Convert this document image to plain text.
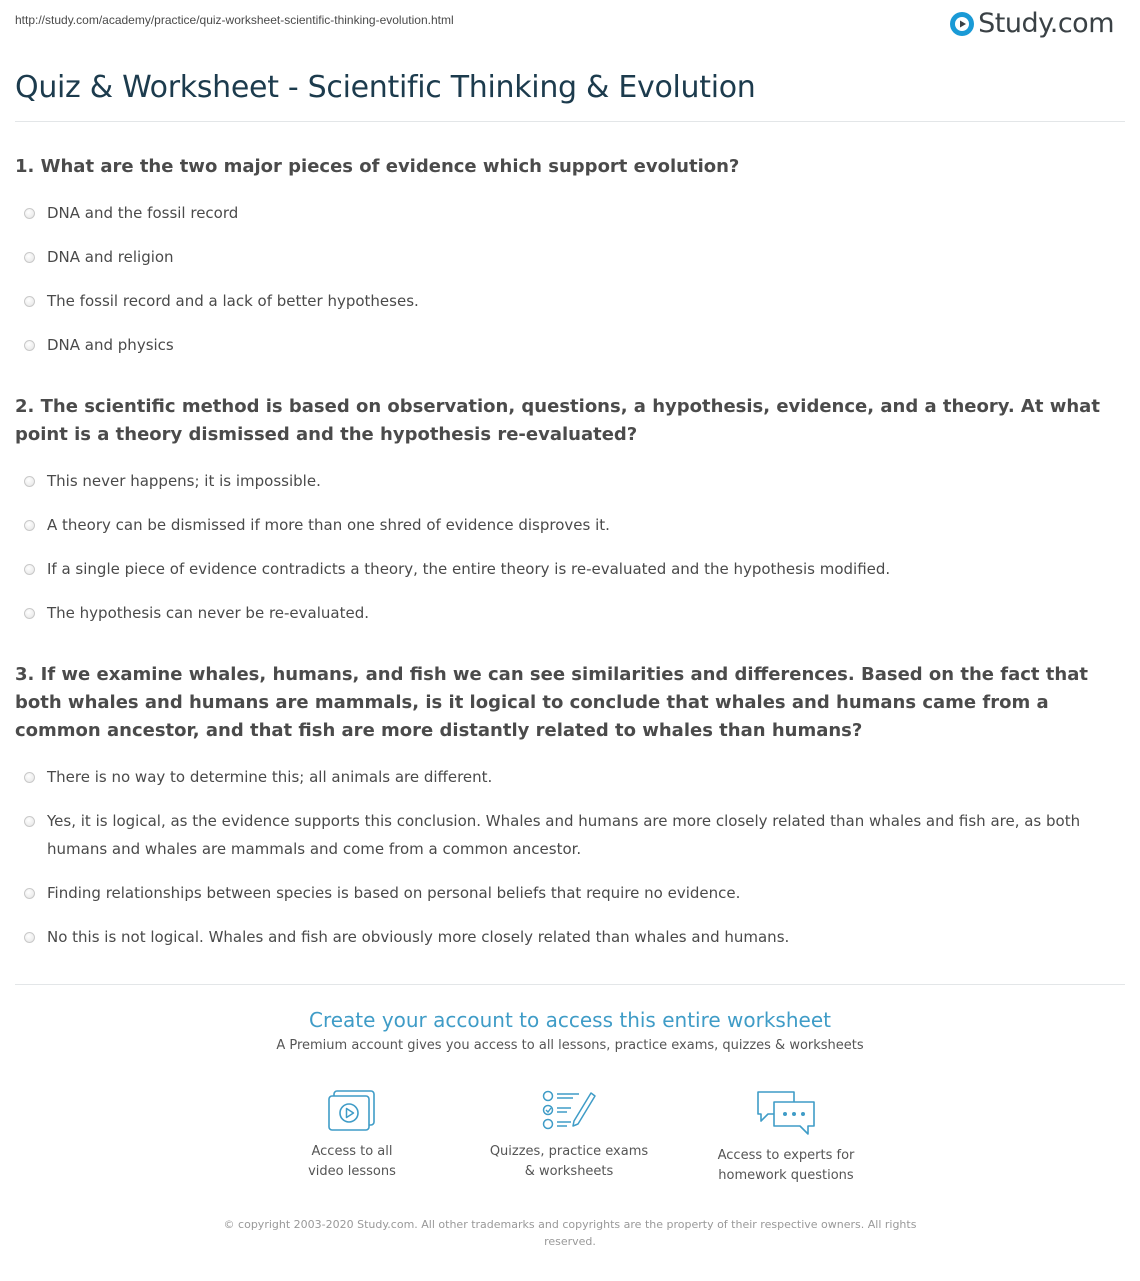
http://study.com/academy/practice/quiz-worksheet-scientific-thinking-evolution.html	Study.com
Quiz & Worksheet - Scientific Thinking & Evolution
1. What are the two major pieces of evidence which support evolution?
DNA and the fossil record
DNA and religion
The fossil record and a lack of better hypotheses.
DNA and physics
2. The scientific method is based on observation, questions, a hypothesis, evidence, and a theory. At what point is a theory dismissed and the hypothesis re-evaluated?
This never happens; it is impossible.
A theory can be dismissed if more than one shred of evidence disproves it.
If a single piece of evidence contradicts a theory, the entire theory is re-evaluated and the hypothesis modified.
The hypothesis can never be re-evaluated.
3. If we examine whales, humans, and fish we can see similarities and differences. Based on the fact that both whales and humans are mammals, is it logical to conclude that whales and humans came from a common ancestor, and that fish are more distantly related to whales than humans?
There is no way to determine this; all animals are different.
Yes, it is logical, as the evidence supports this conclusion. Whales and humans are more closely related than whales and fish are, as both humans and whales are mammals and come from a common ancestor.
Finding relationships between species is based on personal beliefs that require no evidence.
No this is not logical. Whales and fish are obviously more closely related than whales and humans.
Create your account to access this entire worksheet
A Premium account gives you access to all lessons, practice exams, quizzes & worksheets
Access to all
video lessons
Quizzes, practice exams
& worksheets
Access to experts for
homework questions
© copyright 2003-2020 Study.com. All other trademarks and copyrights are the property of their respective owners. All rights reserved.
